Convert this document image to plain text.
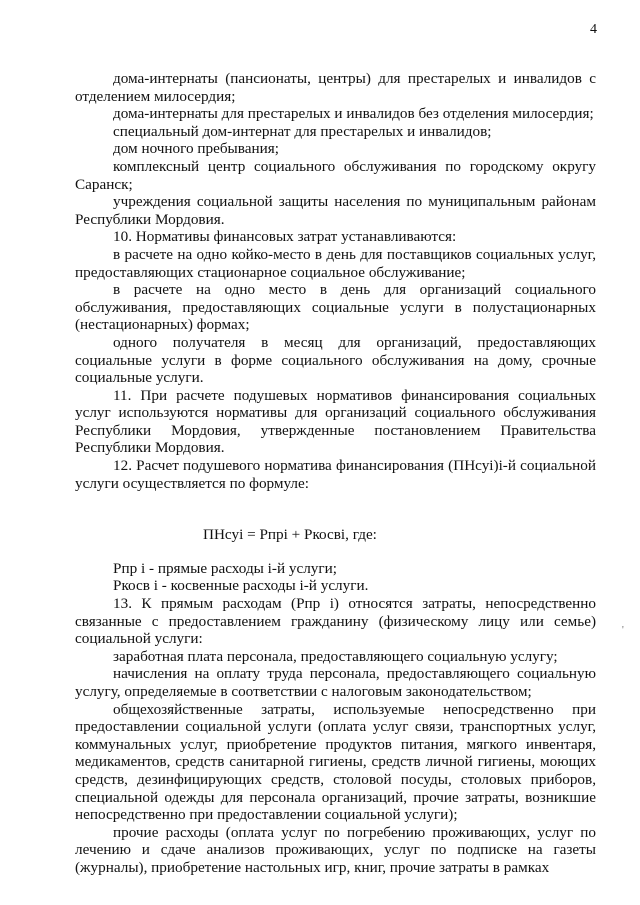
4

дома-интернаты (пансионаты, центры) для престарелых и инвалидов с отделением милосердия;

дома-интернаты для престарелых и инвалидов без отделения милосердия;

специальный дом-интернат для престарелых и инвалидов;

дом ночного пребывания;

комплексный центр социального обслуживания по городскому округу Саранск;

учреждения социальной защиты населения по муниципальным районам Республики Мордовия.

10. Нормативы финансовых затрат устанавливаются:

в расчете на одно койко-место в день для поставщиков социальных услуг, предоставляющих стационарное социальное обслуживание;

в расчете на одно место в день для организаций социального обслуживания, предоставляющих социальные услуги в полустационарных (нестационарных) формах;

одного получателя в месяц для организаций, предоставляющих социальные услуги в форме социального обслуживания на дому, срочные социальные услуги.

11. При расчете подушевых нормативов финансирования социальных услуг используются нормативы для организаций социального обслуживания Республики Мордовия, утвержденные постановлением Правительства Республики Мордовия.

12. Расчет подушевого норматива финансирования (ПНсуi)i-й социальной услуги осуществляется по формуле:

ПНсуi = Рпрi + Ркосвi, где:

Рпр i - прямые расходы i-й услуги;

Ркосв i - косвенные расходы i-й услуги.

13. К прямым расходам (Рпр i) относятся затраты, непосредственно связанные с предоставлением гражданину (физическому лицу или семье) социальной услуги:

заработная плата персонала, предоставляющего социальную услугу;

начисления на оплату труда персонала, предоставляющего социальную услугу, определяемые в соответствии с налоговым законодательством;

общехозяйственные затраты, используемые непосредственно при предоставлении социальной услуги (оплата услуг связи, транспортных услуг, коммунальных услуг, приобретение продуктов питания, мягкого инвентаря, медикаментов, средств санитарной гигиены, средств личной гигиены, моющих средств, дезинфицирующих средств, столовой посуды, столовых приборов, специальной одежды для персонала организаций, прочие затраты, возникшие непосредственно при предоставлении социальной услуги);

прочие расходы (оплата услуг по погребению проживающих, услуг по лечению и сдаче анализов проживающих, услуг по подписке на газеты (журналы), приобретение настольных игр, книг, прочие затраты в рамках

'
